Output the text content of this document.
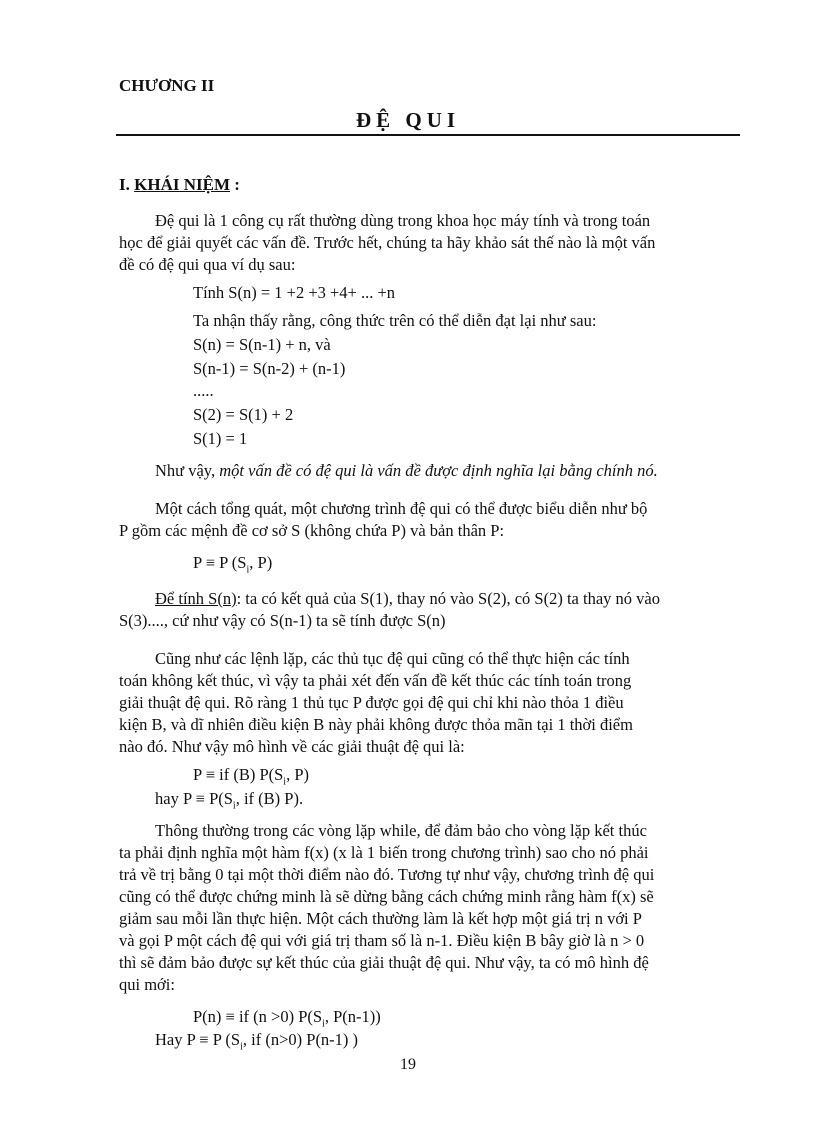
CHƯƠNG II
ĐỆ QUI
I. KHÁI NIỆM :
Đệ qui là 1 công cụ rất thường dùng trong khoa học máy tính và trong toán
học để giải quyết các vấn đề. Trước hết, chúng ta hãy khảo sát thế nào là một vấn
đề có đệ qui qua ví dụ sau:
Tính S(n) = 1 +2 +3 +4+ ... +n
Ta nhận thấy rằng, công thức trên có thể diễn đạt lại như sau:
S(n) = S(n-1) + n, và
S(n-1) = S(n-2) + (n-1)
.....
S(2) = S(1) + 2
S(1) = 1
Như vậy, một vấn đề có đệ qui là vấn đề được định nghĩa lại bằng chính nó.
Một cách tổng quát, một chương trình đệ qui có thể được biểu diễn như bộ
P gồm các mệnh đề cơ sở S (không chứa P) và bản thân P:
P ≡ P ($S_i$, P)
Để tính S(n): ta có kết quả của S(1), thay nó vào S(2), có S(2) ta thay nó vào
S(3)...., cứ như vậy có S(n-1) ta sẽ tính được S(n)
Cũng như các lệnh lặp, các thủ tục đệ qui cũng có thể thực hiện các tính
toán không kết thúc, vì vậy ta phải xét đến vấn đề kết thúc các tính toán trong
giải thuật đệ qui. Rõ ràng 1 thủ tục P được gọi đệ qui chỉ khi nào thỏa 1 điều
kiện B, và dĩ nhiên điều kiện B này phải không được thỏa mãn tại 1 thời điểm
nào đó. Như vậy mô hình về các giải thuật đệ qui là:
P ≡ if (B) $P(S_i$, P)
hay $P \equiv P(S_i$, if (B) P).
Thông thường trong các vòng lặp while, để đảm bảo cho vòng lặp kết thúc
ta phải định nghĩa một hàm f(x) (x là 1 biến trong chương trình) sao cho nó phải
trả về trị bằng 0 tại một thời điểm nào đó. Tương tự như vậy, chương trình đệ qui
cũng có thể được chứng minh là sẽ dừng bằng cách chứng minh rằng hàm f(x) sẽ
giảm sau mỗi lần thực hiện. Một cách thường làm là kết hợp một giá trị n với P
và gọi P một cách đệ qui với giá trị tham số là n-1. Điều kiện B bây giờ là n > 0
thì sẽ đảm bảo được sự kết thúc của giải thuật đệ qui. Như vậy, ta có mô hình đệ
qui mới:
P(n) ≡ if (n >0) $P(S_i$, P(n-1))
Hay P ≡ P ($S_i$, if (n>0) P(n-1) )
19
